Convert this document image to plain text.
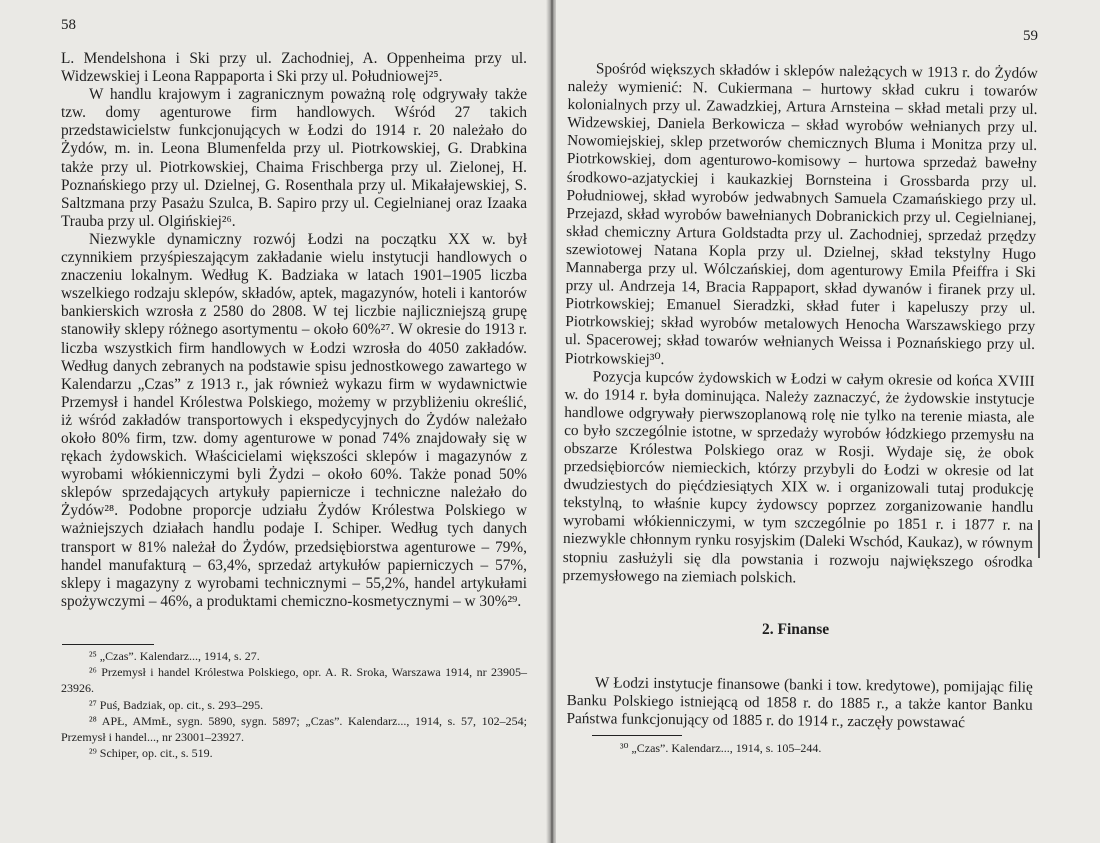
58

L. Mendelshona i Ski przy ul. Zachodniej, A. Oppenheima przy ul. Widzewskiej i Leona Rappaporta i Ski przy ul. Południowej²⁵.

W handlu krajowym i zagranicznym poważną rolę odgrywały także tzw. domy agenturowe firm handlowych. Wśród 27 takich przedstawicielstw funkcjonujących w Łodzi do 1914 r. 20 należało do Żydów, m. in. Leona Blumenfelda przy ul. Piotrkowskiej, G. Drabkina także przy ul. Piotrkowskiej, Chaima Frischberga przy ul. Zielonej, H. Poznańskiego przy ul. Dzielnej, G. Rosenthala przy ul. Mikałajewskiej, S. Saltzmana przy Pasażu Szulca, B. Sapiro przy ul. Cegielnianej oraz Izaaka Trauba przy ul. Olgińskiej²⁶.

Niezwykle dynamiczny rozwój Łodzi na początku XX w. był czynnikiem przyśpieszającym zakładanie wielu instytucji handlowych o znaczeniu lokalnym. Według K. Badziaka w latach 1901–1905 liczba wszelkiego rodzaju sklepów, składów, aptek, magazynów, hoteli i kantorów bankierskich wzrosła z 2580 do 2808. W tej liczbie najliczniejszą grupę stanowiły sklepy różnego asortymentu – około 60%²⁷. W okresie do 1913 r. liczba wszystkich firm handlowych w Łodzi wzrosła do 4050 zakładów. Według danych zebranych na podstawie spisu jednostkowego zawartego w Kalendarzu „Czas” z 1913 r., jak również wykazu firm w wydawnictwie Przemysł i handel Królestwa Polskiego, możemy w przybliżeniu określić, iż wśród zakładów transportowych i ekspedycyjnych do Żydów należało około 80% firm, tzw. domy agenturowe w ponad 74% znajdowały się w rękach żydowskich. Właścicielami większości sklepów i magazynów z wyrobami włókienniczymi byli Żydzi – około 60%. Także ponad 50% sklepów sprzedających artykuły papiernicze i techniczne należało do Żydów²⁸. Podobne proporcje udziału Żydów Królestwa Polskiego w ważniejszych działach handlu podaje I. Schiper. Według tych danych transport w 81% należał do Żydów, przedsiębiorstwa agenturowe – 79%, handel manufakturą – 63,4%, sprzedaż artykułów papierniczych – 57%, sklepy i magazyny z wyrobami technicznymi – 55,2%, handel artykułami spożywczymi – 46%, a produktami chemiczno-kosmetycznymi – w 30%²⁹.

²⁵ „Czas”. Kalendarz..., 1914, s. 27.
²⁶ Przemysł i handel Królestwa Polskiego, opr. A. R. Sroka, Warszawa 1914, nr 23905–23926.
²⁷ Puś, Badziak, op. cit., s. 293–295.
²⁸ APŁ, AMmŁ, sygn. 5890, sygn. 5897; „Czas”. Kalendarz..., 1914, s. 57, 102–254; Przemysł i handel..., nr 23001–23927.
²⁹ Schiper, op. cit., s. 519.
59

Spośród większych składów i sklepów należących w 1913 r. do Żydów należy wymienić: N. Cukiermana – hurtowy skład cukru i towarów kolonialnych przy ul. Zawadzkiej, Artura Arnsteina – skład metali przy ul. Widzewskiej, Daniela Berkowicza – skład wyrobów wełnianych przy ul. Nowomiejskiej, sklep przetworów chemicznych Bluma i Monitza przy ul. Piotrkowskiej, dom agenturowo-komisowy – hurtowa sprzedaż bawełny środkowo-azjatyckiej i kaukazkiej Bornsteina i Grossbarda przy ul. Południowej, skład wyrobów jedwabnych Samuela Czamańskiego przy ul. Przejazd, skład wyrobów bawełnianych Dobranickich przy ul. Cegielnianej, skład chemiczny Artura Goldstadta przy ul. Zachodniej, sprzedaż przędzy szewiotowej Natana Kopla przy ul. Dzielnej, skład tekstylny Hugo Mannaberga przy ul. Wólczańskiej, dom agenturowy Emila Pfeiffra i Ski przy ul. Andrzeja 14, Bracia Rappaport, skład dywanów i firanek przy ul. Piotrkowskiej; Emanuel Sieradzki, skład futer i kapeluszy przy ul. Piotrkowskiej; skład wyrobów metalowych Henocha Warszawskiego przy ul. Spacerowej; skład towarów wełnianych Weissa i Poznańskiego przy ul. Piotrkowskiej³⁰.

Pozycja kupców żydowskich w Łodzi w całym okresie od końca XVIII w. do 1914 r. była dominująca. Należy zaznaczyć, że żydowskie instytucje handlowe odgrywały pierwszoplanową rolę nie tylko na terenie miasta, ale co było szczególnie istotne, w sprzedaży wyrobów łódzkiego przemysłu na obszarze Królestwa Polskiego oraz w Rosji. Wydaje się, że obok przedsiębiorców niemieckich, którzy przybyli do Łodzi w okresie od lat dwudziestych do pięćdziesiątych XIX w. i organizowali tutaj produkcję tekstylną, to właśnie kupcy żydowscy poprzez zorganizowanie handlu wyrobami włókienniczymi, w tym szczególnie po 1851 r. i 1877 r. na niezwykle chłonnym rynku rosyjskim (Daleki Wschód, Kaukaz), w równym stopniu zasłużyli się dla powstania i rozwoju największego ośrodka przemysłowego na ziemiach polskich.

2. Finanse

W Łodzi instytucje finansowe (banki i tow. kredytowe), pomijając filię Banku Polskiego istniejącą od 1858 r. do 1885 r., a także kantor Banku Państwa funkcjonujący od 1885 r. do 1914 r., zaczęły powstawać

³⁰ „Czas”. Kalendarz..., 1914, s. 105–244.
